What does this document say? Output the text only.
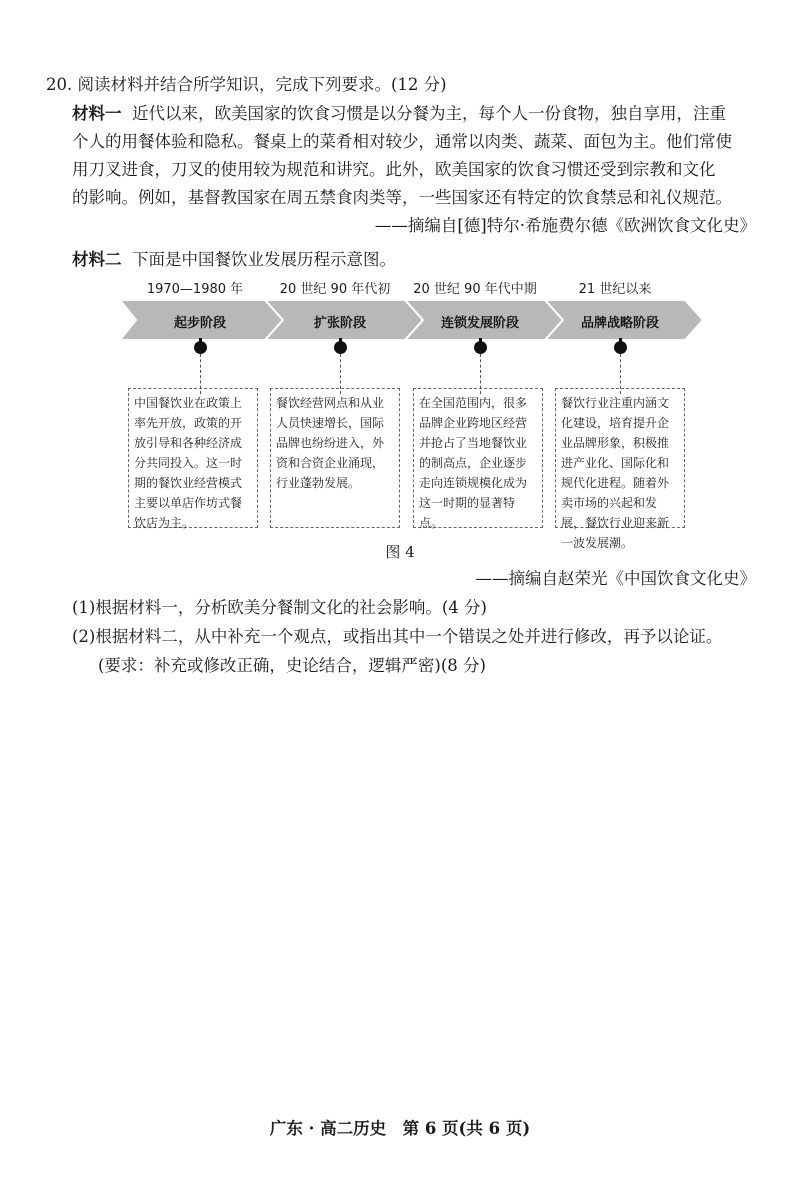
20. 阅读材料并结合所学知识，完成下列要求。(12 分)
材料一 近代以来，欧美国家的饮食习惯是以分餐为主，每个人一份食物，独自享用，注重
个人的用餐体验和隐私。餐桌上的菜肴相对较少，通常以肉类、蔬菜、面包为主。他们常使
用刀叉进食，刀叉的使用较为规范和讲究。此外，欧美国家的饮食习惯还受到宗教和文化
的影响。例如，基督教国家在周五禁食肉类等，一些国家还有特定的饮食禁忌和礼仪规范。
——摘编自[德]特尔·希施费尔德《欧洲饮食文化史》
材料二 下面是中国餐饮业发展历程示意图。
1970—1980 年	20 世纪 90 年代初	20 世纪 90 年代中期	21 世纪以来
起步阶段	扩张阶段	连锁发展阶段	品牌战略阶段
中国餐饮业在政策上率先开放，政策的开放引导和各种经济成分共同投入。这一时期的餐饮业经营模式主要以单店作坊式餐饮店为主。
餐饮经营网点和从业人员快速增长，国际品牌也纷纷进入，外资和合资企业涌现，行业蓬勃发展。
在全国范围内，很多品牌企业跨地区经营并抢占了当地餐饮业的制高点，企业逐步走向连锁规模化成为这一时期的显著特点。
餐饮行业注重内涵文化建设，培育提升企业品牌形象，积极推进产业化、国际化和规代化进程。随着外卖市场的兴起和发展，餐饮行业迎来新一波发展潮。
图 4
——摘编自赵荣光《中国饮食文化史》
(1)根据材料一，分析欧美分餐制文化的社会影响。(4 分)
(2)根据材料二，从中补充一个观点，或指出其中一个错误之处并进行修改，再予以论证。
(要求：补充或修改正确，史论结合，逻辑严密)(8 分)
广东 · 高二历史　第 6 页(共 6 页)
